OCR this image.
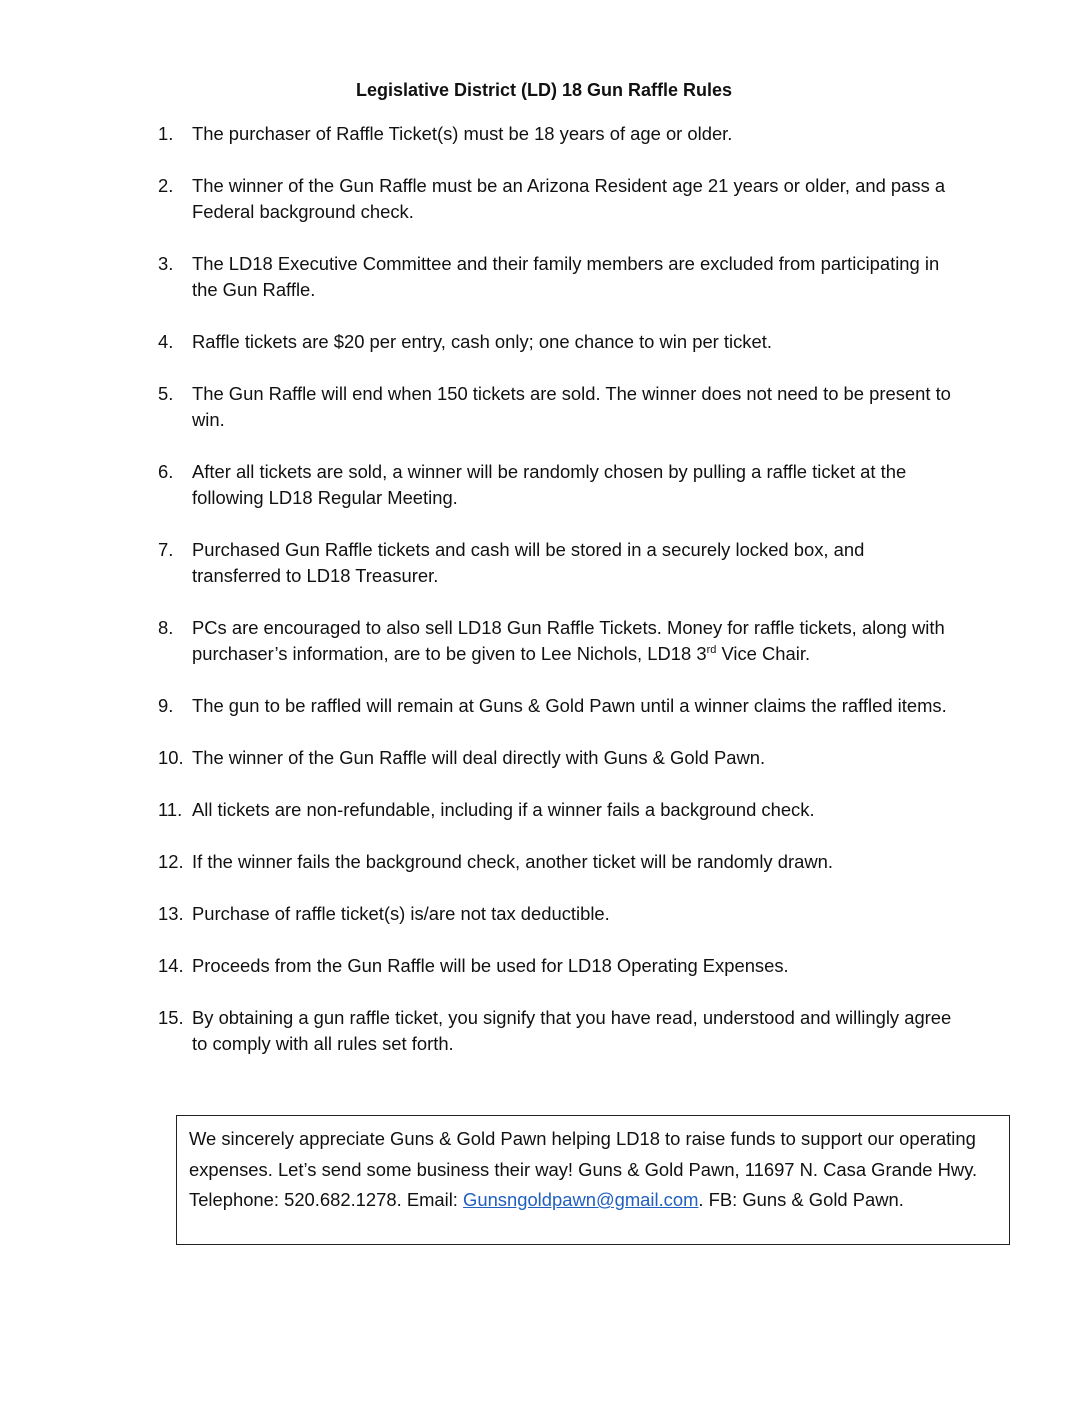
Legislative District (LD) 18 Gun Raffle Rules
1. The purchaser of Raffle Ticket(s) must be 18 years of age or older.
2. The winner of the Gun Raffle must be an Arizona Resident age 21 years or older, and pass a Federal background check.
3. The LD18 Executive Committee and their family members are excluded from participating in the Gun Raffle.
4. Raffle tickets are $20 per entry, cash only; one chance to win per ticket.
5. The Gun Raffle will end when 150 tickets are sold. The winner does not need to be present to win.
6. After all tickets are sold, a winner will be randomly chosen by pulling a raffle ticket at the following LD18 Regular Meeting.
7. Purchased Gun Raffle tickets and cash will be stored in a securely locked box, and transferred to LD18 Treasurer.
8. PCs are encouraged to also sell LD18 Gun Raffle Tickets. Money for raffle tickets, along with purchaser’s information, are to be given to Lee Nichols, LD18 3rd Vice Chair.
9. The gun to be raffled will remain at Guns & Gold Pawn until a winner claims the raffled items.
10. The winner of the Gun Raffle will deal directly with Guns & Gold Pawn.
11. All tickets are non-refundable, including if a winner fails a background check.
12. If the winner fails the background check, another ticket will be randomly drawn.
13. Purchase of raffle ticket(s) is/are not tax deductible.
14. Proceeds from the Gun Raffle will be used for LD18 Operating Expenses.
15. By obtaining a gun raffle ticket, you signify that you have read, understood and willingly agree to comply with all rules set forth.
We sincerely appreciate Guns & Gold Pawn helping LD18 to raise funds to support our operating expenses. Let’s send some business their way! Guns & Gold Pawn, 11697 N. Casa Grande Hwy. Telephone: 520.682.1278. Email: Gunsngoldpawn@gmail.com. FB: Guns & Gold Pawn.
